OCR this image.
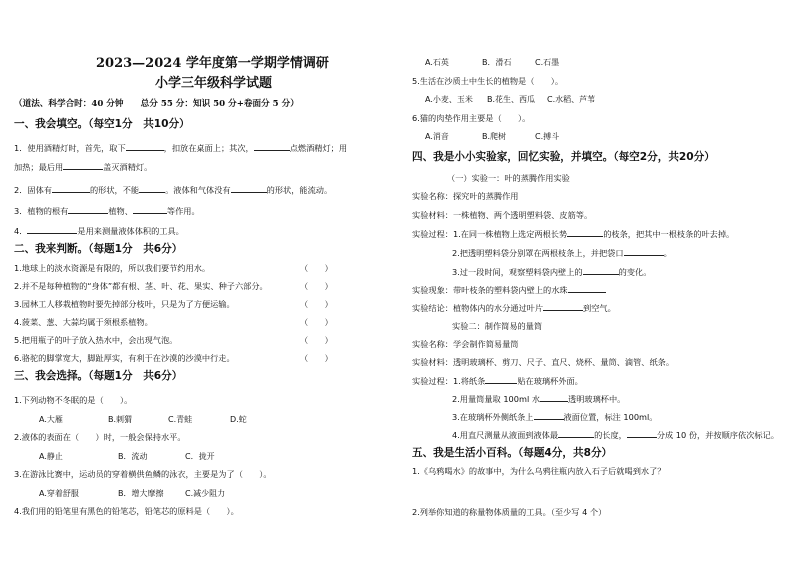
2023—2024 学年度第一学期学情调研
小学三年级科学试题
（道法、科学合时：40 分钟　　总分 55 分：知识 50 分+卷面分 5 分）
一、我会填空。（每空1分　共10分）
1．使用酒精灯时，首先，取下	，扣放在桌面上；其次，	点燃酒精灯；用
加热；最后用	盖灭酒精灯。
2．固体有	的形状，不能	。液体和气体没有	的形状，能流动。
3．植物的根有	植物、	等作用。
4．	是用来测量液体体积的工具。
二、我来判断。（每题1分　共6分）
1.地球上的淡水资源是有限的，所以我们要节约用水。	（　　）
2.并不是每种植物的“身体”都有根、茎、叶、花、果实、种子六部分。	（　　）
3.园林工人移栽植物时要先掉部分枝叶，只是为了方便运输。	（　　）
4.菠菜、葱、大蒜均属于须根系植物。	（　　）
5.把用瓶子的叶子放入热水中，会出现气泡。	（　　）
6.骆驼的脚掌宽大，脚趾厚实，有利于在沙漠的沙漠中行走。	（　　）
三、我会选择。（每题1分　共6分）
1.下列动物不冬眠的是（　　）。
A.大雁	B.刺猬	C.青蛙	D.蛇
2.液体的表面在（　　）时，一般会保持水平。
A.静止	B．流动	C．拢开
3.在游泳比赛中，运动员的穿着横供鱼鳞的泳衣，主要是为了（　　）。
A.穿着舒服	B．增大摩擦	C.减少阻力
4.我们用的铅笔里有黑色的铅笔芯，铅笔芯的原料是（　　）。
A.石英	B．滑石	C.石墨
5.生活在沙质土中生长的植物是（　　）。
A.小麦、玉米 B.花生、西瓜 C.水稻、芦苇
6.猫的肉垫作用主要是（　　）。
A.消音	B.爬树	C.搏斗
四、我是小小实验家，回忆实验，并填空。（每空2分，共20分）
（一）实验一：叶的蒸腾作用实验
实验名称：探究叶的蒸腾作用
实验材料：一株植物、两个透明塑料袋、皮筋等。
实验过程：1.在同一株植物上选定两根长势	的枝条，把其中一根枝条的叶去掉。
2.把透明塑料袋分别罩在两根枝条上，并把袋口	。
3.过一段时间，观察塑料袋内壁上的	的变化。
实验现象：带叶枝条的塑料袋内壁上的水珠
实验结论：植物体内的水分通过叶片	到空气。
实验二：制作简易的量筒
实验名称：学会制作简易量筒
实验材料：透明玻璃杯、剪刀、尺子、直尺、烧杯、量筒、滴管、纸条。
实验过程：1.将纸条	贴在玻璃杯外面。
2.用量筒量取 100ml 水	透明玻璃杯中。
3.在玻璃杯外侧纸条上	液面位置，标注 100ml。
4.用直尺测量从液面到液体最	的长度，	分成 10 份，并按顺序依次标记。
五、我是生活小百科。（每题4分，共8分）
1.《乌鸦喝水》的故事中，为什么乌鸦往瓶内放入石子后就喝到水了？
2.列举你知道的称量物体质量的工具。（至少写 4 个）
